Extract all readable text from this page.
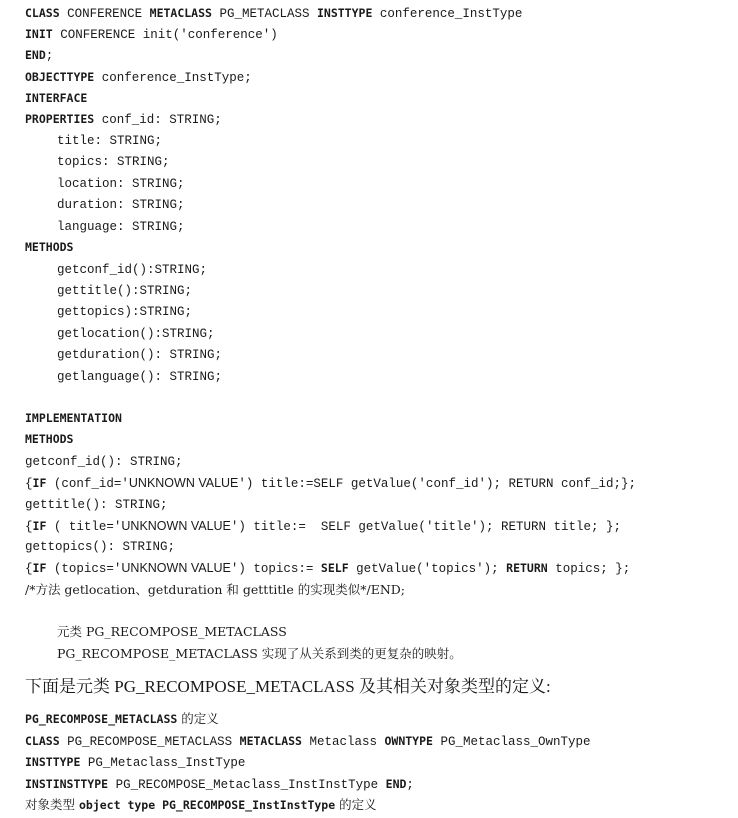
CLASS CONFERENCE METACLASS PG_METACLASS INSTTYPE conference_InstType
INIT CONFERENCE init('conference')
END;
OBJECTTYPE conference_InstType;
INTERFACE
PROPERTIES conf_id: STRING;
title: STRING;
topics: STRING;
location: STRING;
duration: STRING;
language: STRING;
METHODS
getconf_id():STRING;
gettitle():STRING;
gettopics):STRING;
getlocation():STRING;
getduration(): STRING;
getlanguage(): STRING;
IMPLEMENTATION
METHODS
getconf_id(): STRING;
{IF (conf_id='UNKNOWN VALUE') title:=SELF getValue('conf_id'); RETURN conf_id;};
gettitle(): STRING;
{IF ( title='UNKNOWN VALUE') title:=  SELF getValue('title'); RETURN title; };
gettopics(): STRING;
{IF (topics='UNKNOWN VALUE') topics:= SELF getValue('topics'); RETURN topics; };
/*方法 getlocation、getduration 和 getttitle 的实现类似*/END;
元类 PG_RECOMPOSE_METACLASS
PG_RECOMPOSE_METACLASS 实现了从关系到类的更复杂的映射。
下面是元类 PG_RECOMPOSE_METACLASS 及其相关对象类型的定义:
PG_RECOMPOSE_METACLASS 的定义
CLASS PG_RECOMPOSE_METACLASS METACLASS Metaclass OWNTYPE PG_Metaclass_OwnType
INSTTYPE PG_Metaclass_InstType
INSTINSTTYPE PG_RECOMPOSE_Metaclass_InstInstType END;
对象类型 object type PG_RECOMPOSE_InstInstType 的定义
